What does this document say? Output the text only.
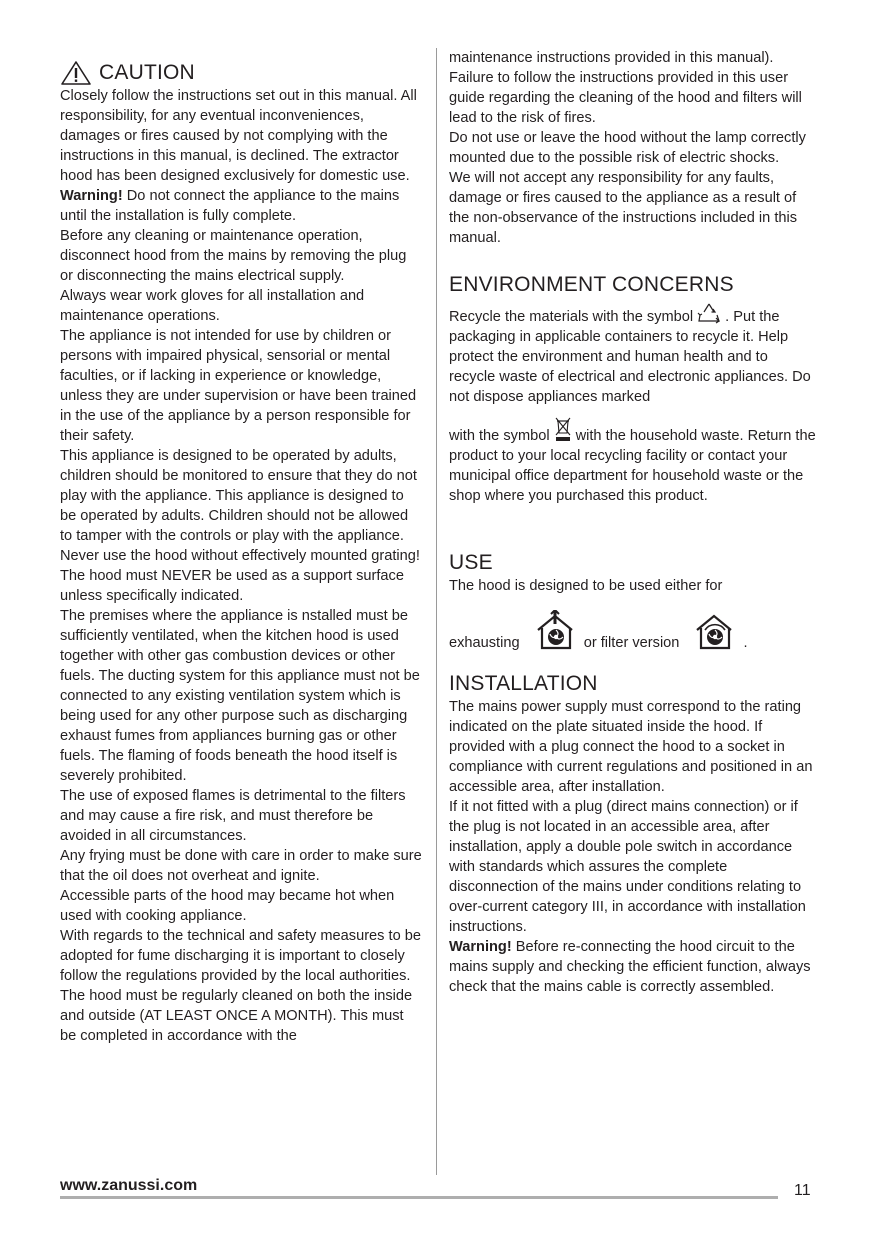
CAUTION

Closely follow the instructions set out in this manual. All responsibility, for any eventual inconveniences, damages or fires caused by not complying with the instructions in this manual, is declined. The extractor hood has been designed exclusively for domestic use.

Warning! Do not connect the appliance to the mains until the installation is fully complete.

Before any cleaning or maintenance operation, disconnect hood from the mains by removing the plug or disconnecting the mains electrical supply.

Always wear work gloves for all installation and maintenance operations.

The appliance is not intended for use by children or persons with impaired physical, sensorial or mental faculties, or if lacking in experience or knowledge, unless they are under supervision or have been trained in the use of the appliance by a person responsible for their safety.

This appliance is designed to be operated by adults, children should be monitored to ensure that they do not play with the appliance. This appliance is designed to be operated by adults. Children should not be allowed to tamper with the controls or play with the appliance.

Never use the hood without effectively mounted grating!

The hood must NEVER be used as a support surface unless specifically indicated.

The premises where the appliance is nstalled must be sufficiently ventilated, when the kitchen hood is used together with other gas combustion devices or other fuels. The ducting system for this appliance must not be connected to any existing ventilation system which is being used for any other purpose such as discharging exhaust fumes from appliances burning gas or other fuels. The flaming of foods beneath the hood itself is severely prohibited.

The use of exposed flames is detrimental to the filters and may cause a fire risk, and must therefore be avoided in all circumstances.

Any frying must be done with care in order to make sure that the oil does not overheat and ignite.

Accessible parts of the hood may became hot when used with cooking appliance.

With regards to the technical and safety measures to be adopted for fume discharging it is important to closely follow the regulations provided by the local authorities.

The hood must be regularly cleaned on both the inside and outside (AT LEAST ONCE A MONTH). This must be completed in accordance with the

maintenance instructions provided in this manual). Failure to follow the instructions provided in this user guide regarding the cleaning of the hood and filters will lead to the risk of fires.

Do not use or leave the hood without the lamp correctly mounted due to the possible risk of electric shocks.

We will not accept any responsibility for any faults, damage or fires caused to the appliance as a result of the non-observance of the instructions included in this manual.

ENVIRONMENT CONCERNS

Recycle the materials with the symbol . Put the packaging in applicable containers to recycle it. Help protect the environment and human health and to recycle waste of electrical and electronic appliances. Do not dispose appliances marked

with the symbol with the household waste. Return the product to your local recycling facility or contact your municipal office department for household waste or the shop where you purchased this product.

USE

The hood is designed to be used either for

exhausting	or filter version	.

INSTALLATION

The mains power supply must correspond to the rating indicated on the plate situated inside the hood. If provided with a plug connect the hood to a socket in compliance with current regulations and positioned in an accessible area, after installation.

If it not fitted with a plug (direct mains connection) or if the plug is not located in an accessible area, after installation, apply a double pole switch in accordance with standards which assures the complete disconnection of the mains under conditions relating to over-current category III, in accordance with installation instructions.

Warning! Before re-connecting the hood circuit to the mains supply and checking the efficient function, always check that the mains cable is correctly assembled.

www.zanussi.com	11
